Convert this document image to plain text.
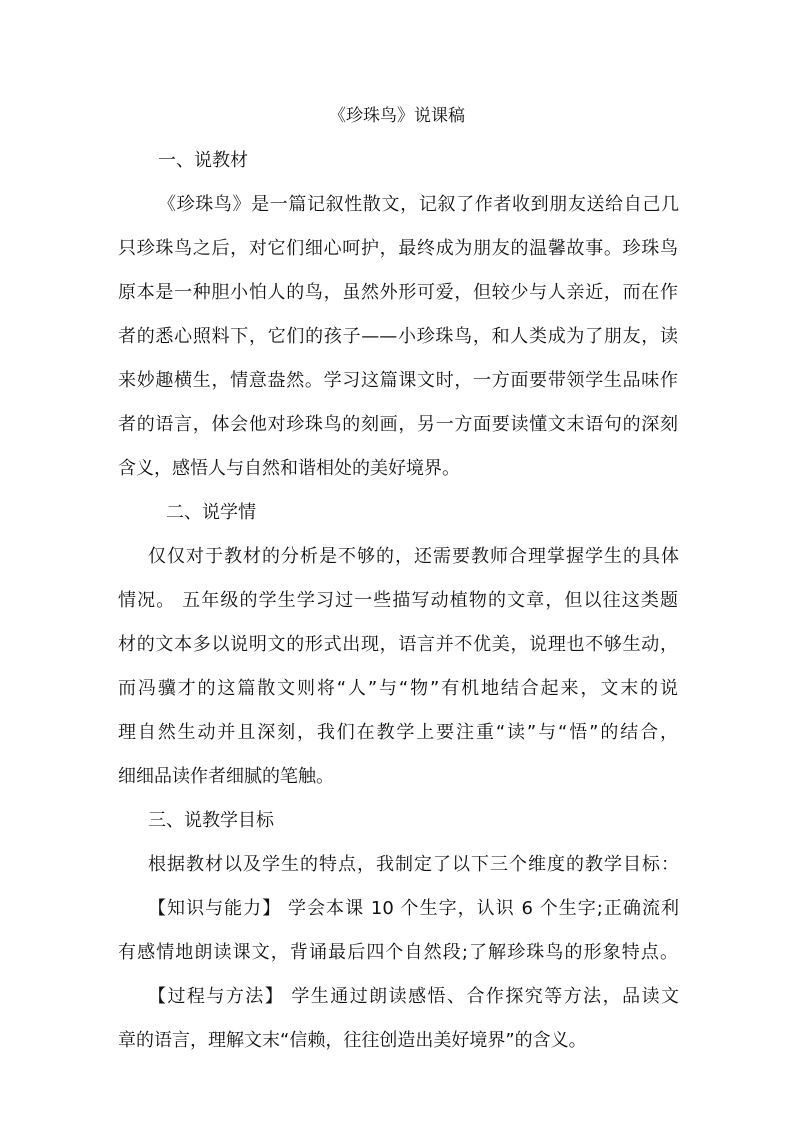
《珍珠鸟》说课稿
一、说教材
《珍珠鸟》是一篇记叙性散文，记叙了作者收到朋友送给自己几
只珍珠鸟之后，对它们细心呵护，最终成为朋友的温馨故事。珍珠鸟
原本是一种胆小怕人的鸟，虽然外形可爱，但较少与人亲近，而在作
者的悉心照料下，它们的孩子——小珍珠鸟，和人类成为了朋友，读
来妙趣横生，情意盎然。学习这篇课文时，一方面要带领学生品味作
者的语言，体会他对珍珠鸟的刻画，另一方面要读懂文末语句的深刻
含义，感悟人与自然和谐相处的美好境界。
二、说学情
仅仅对于教材的分析是不够的，还需要教师合理掌握学生的具体
情况。 五年级的学生学习过一些描写动植物的文章，但以往这类题
材的文本多以说明文的形式出现，语言并不优美，说理也不够生动，
而冯骥才的这篇散文则将“人”与“物”有机地结合起来，文末的说
理自然生动并且深刻，我们在教学上要注重“读”与“悟”的结合，
细细品读作者细腻的笔触。
三、说教学目标
根据教材以及学生的特点，我制定了以下三个维度的教学目标：
【知识与能力】 学会本课 10 个生字，认识 6 个生字;正确流利
有感情地朗读课文，背诵最后四个自然段;了解珍珠鸟的形象特点。
【过程与方法】 学生通过朗读感悟、合作探究等方法，品读文
章的语言，理解文末“信赖，往往创造出美好境界”的含义。
